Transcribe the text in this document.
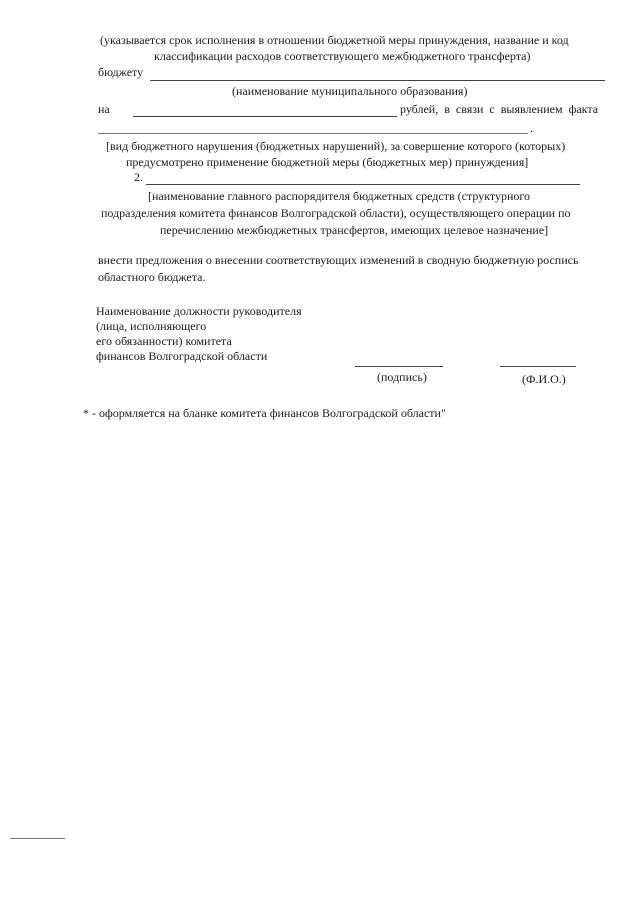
(указывается срок исполнения в отношении бюджетной меры принуждения, название и код
классификации расходов соответствующего межбюджетного трансферта)
бюджету
(наименование муниципального образования)
на	рублей, в связи с выявлением факта
.
[вид бюджетного нарушения (бюджетных нарушений), за совершение которого (которых)
предусмотрено применение бюджетной меры (бюджетных мер) принуждения]
2.
[наименование главного распорядителя бюджетных средств (структурного
подразделения комитета финансов Волгоградской области), осуществляющего операции по
перечислению межбюджетных трансфертов, имеющих целевое назначение]
внести предложения о внесении соответствующих изменений в сводную бюджетную роспись
областного бюджета.
Наименование должности руководителя
(лица, исполняющего
его обязанности) комитета
финансов Волгоградской области
(подпись)	(Ф.И.О.)
* - оформляется на бланке комитета финансов Волгоградской области"
